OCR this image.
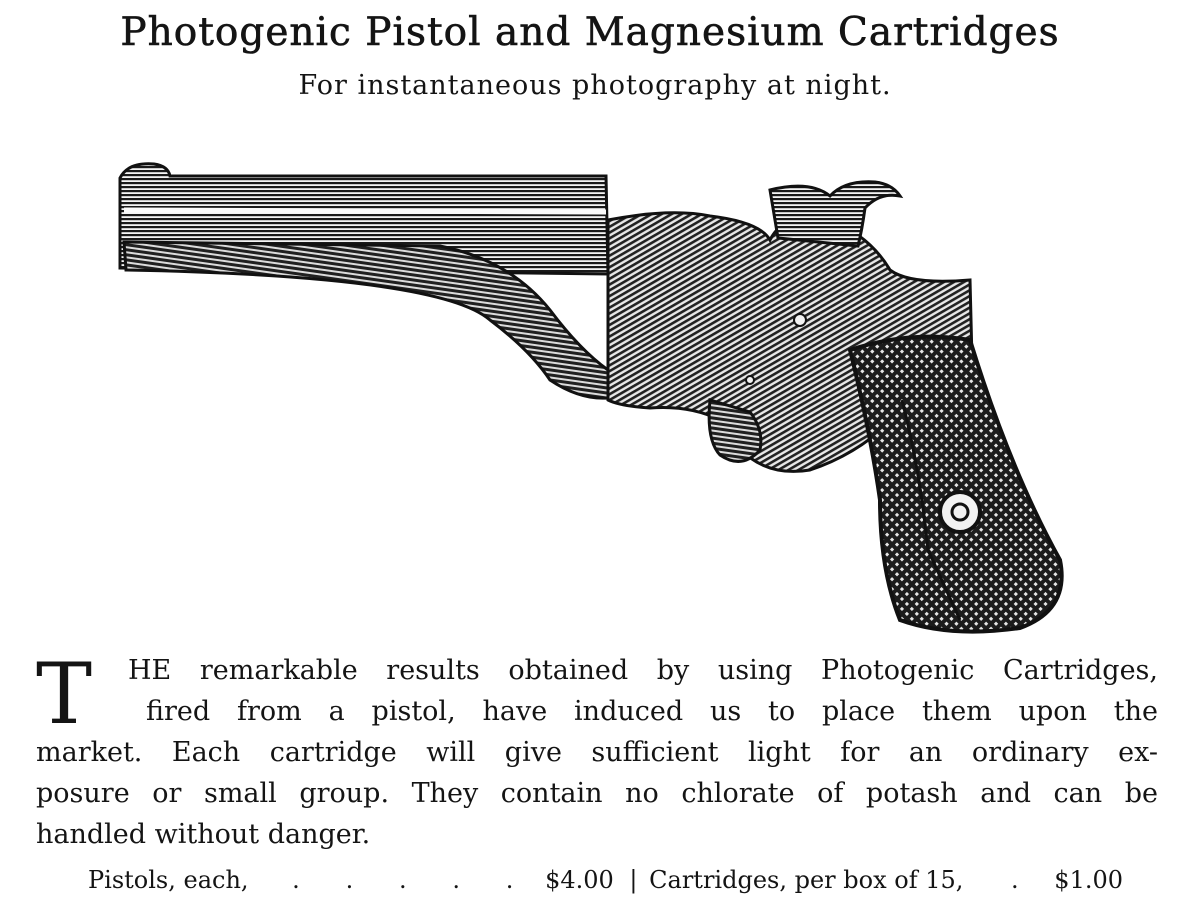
Photogenic Pistol and Magnesium Cartridges
For instantaneous photography at night.
T HE remarkable results obtained by using Photogenic Cartridges,
fired from a pistol, have induced us to place them upon the
market. Each cartridge will give sufficient light for an ordinary ex-
posure or small group. They contain no chlorate of potash and can be
handled without danger.
Pistols, each, .      .      .      .      . $4.00 | Cartridges, per box of 15, . $1.00
